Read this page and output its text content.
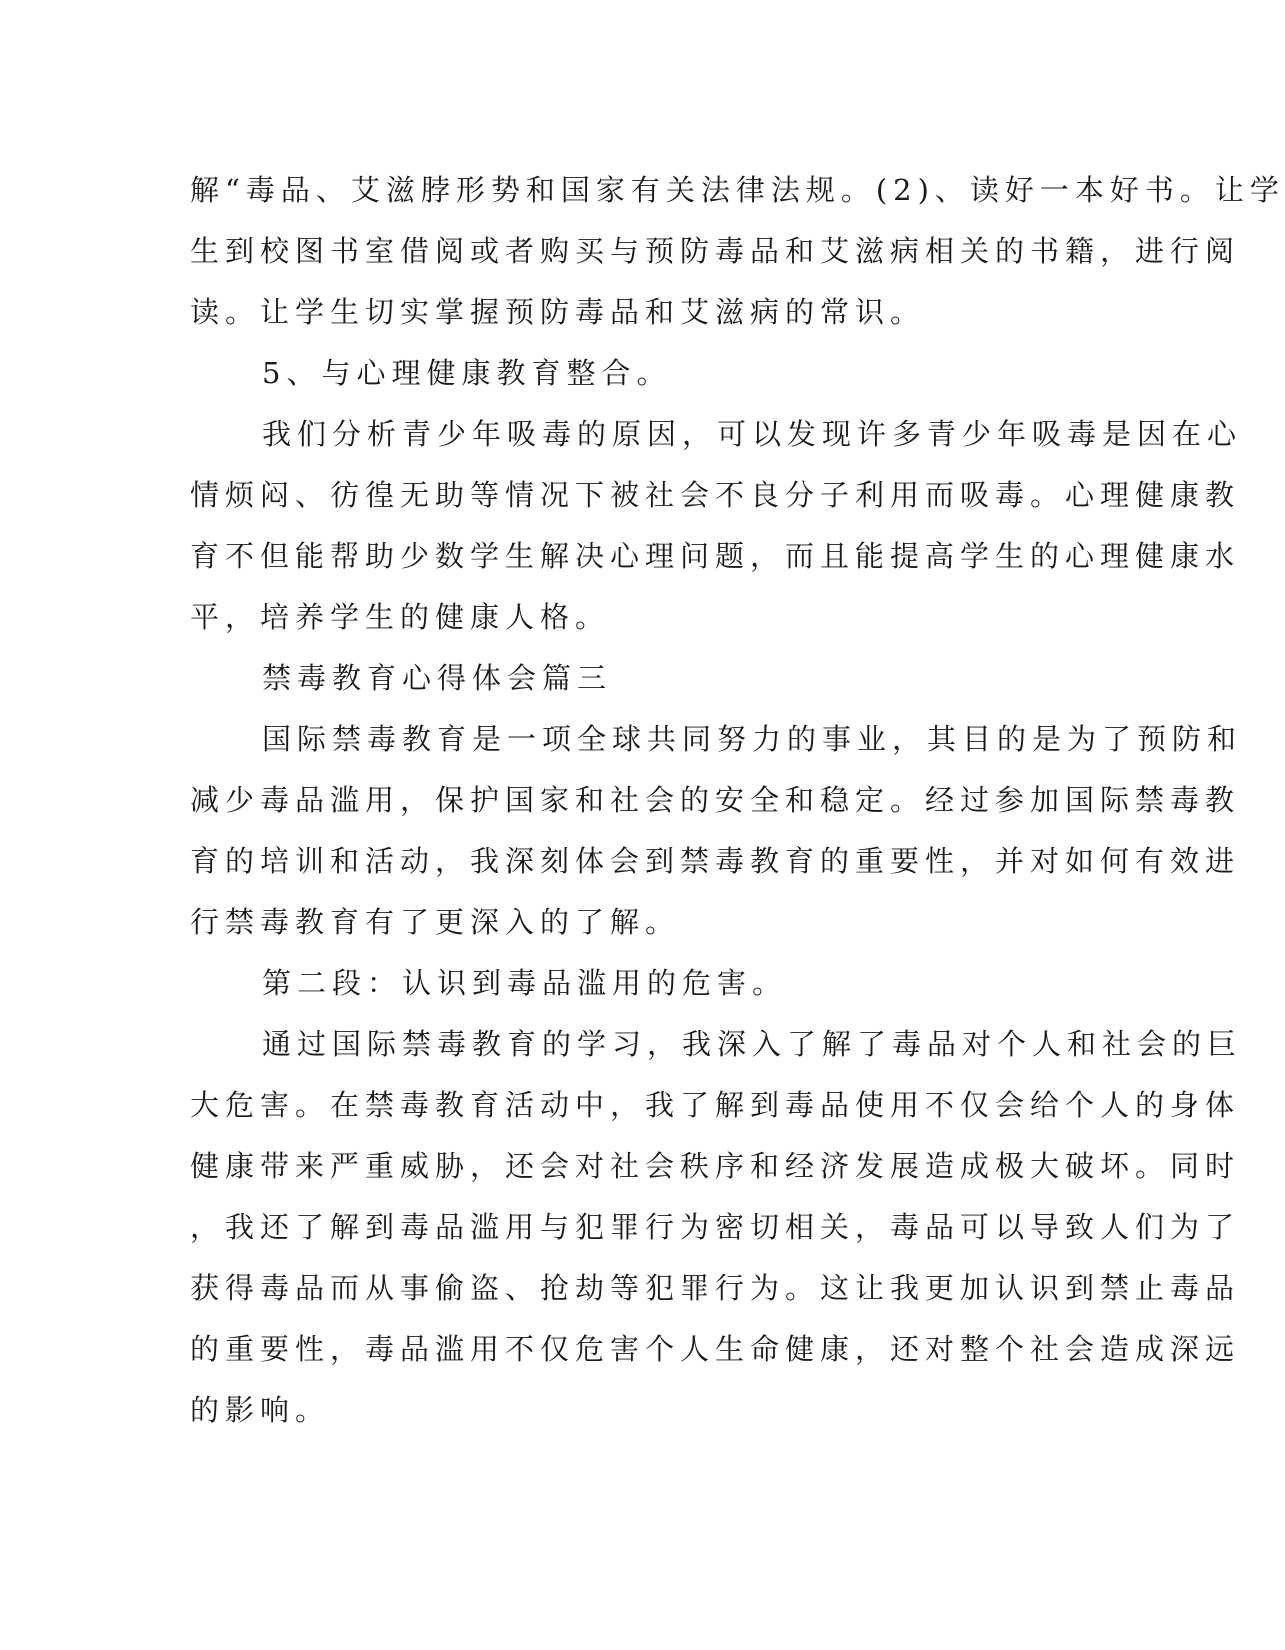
解“毒品、艾滋脖形势和国家有关法律法规。(2)、读好一本好书。让学
生到校图书室借阅或者购买与预防毒品和艾滋病相关的书籍，进行阅
读。让学生切实掌握预防毒品和艾滋病的常识。
5、与心理健康教育整合。
我们分析青少年吸毒的原因，可以发现许多青少年吸毒是因在心
情烦闷、彷徨无助等情况下被社会不良分子利用而吸毒。心理健康教
育不但能帮助少数学生解决心理问题，而且能提高学生的心理健康水
平，培养学生的健康人格。
禁毒教育心得体会篇三
国际禁毒教育是一项全球共同努力的事业，其目的是为了预防和
减少毒品滥用，保护国家和社会的安全和稳定。经过参加国际禁毒教
育的培训和活动，我深刻体会到禁毒教育的重要性，并对如何有效进
行禁毒教育有了更深入的了解。
第二段：认识到毒品滥用的危害。
通过国际禁毒教育的学习，我深入了解了毒品对个人和社会的巨
大危害。在禁毒教育活动中，我了解到毒品使用不仅会给个人的身体
健康带来严重威胁，还会对社会秩序和经济发展造成极大破坏。同时
，我还了解到毒品滥用与犯罪行为密切相关，毒品可以导致人们为了
获得毒品而从事偷盗、抢劫等犯罪行为。这让我更加认识到禁止毒品
的重要性，毒品滥用不仅危害个人生命健康，还对整个社会造成深远
的影响。
